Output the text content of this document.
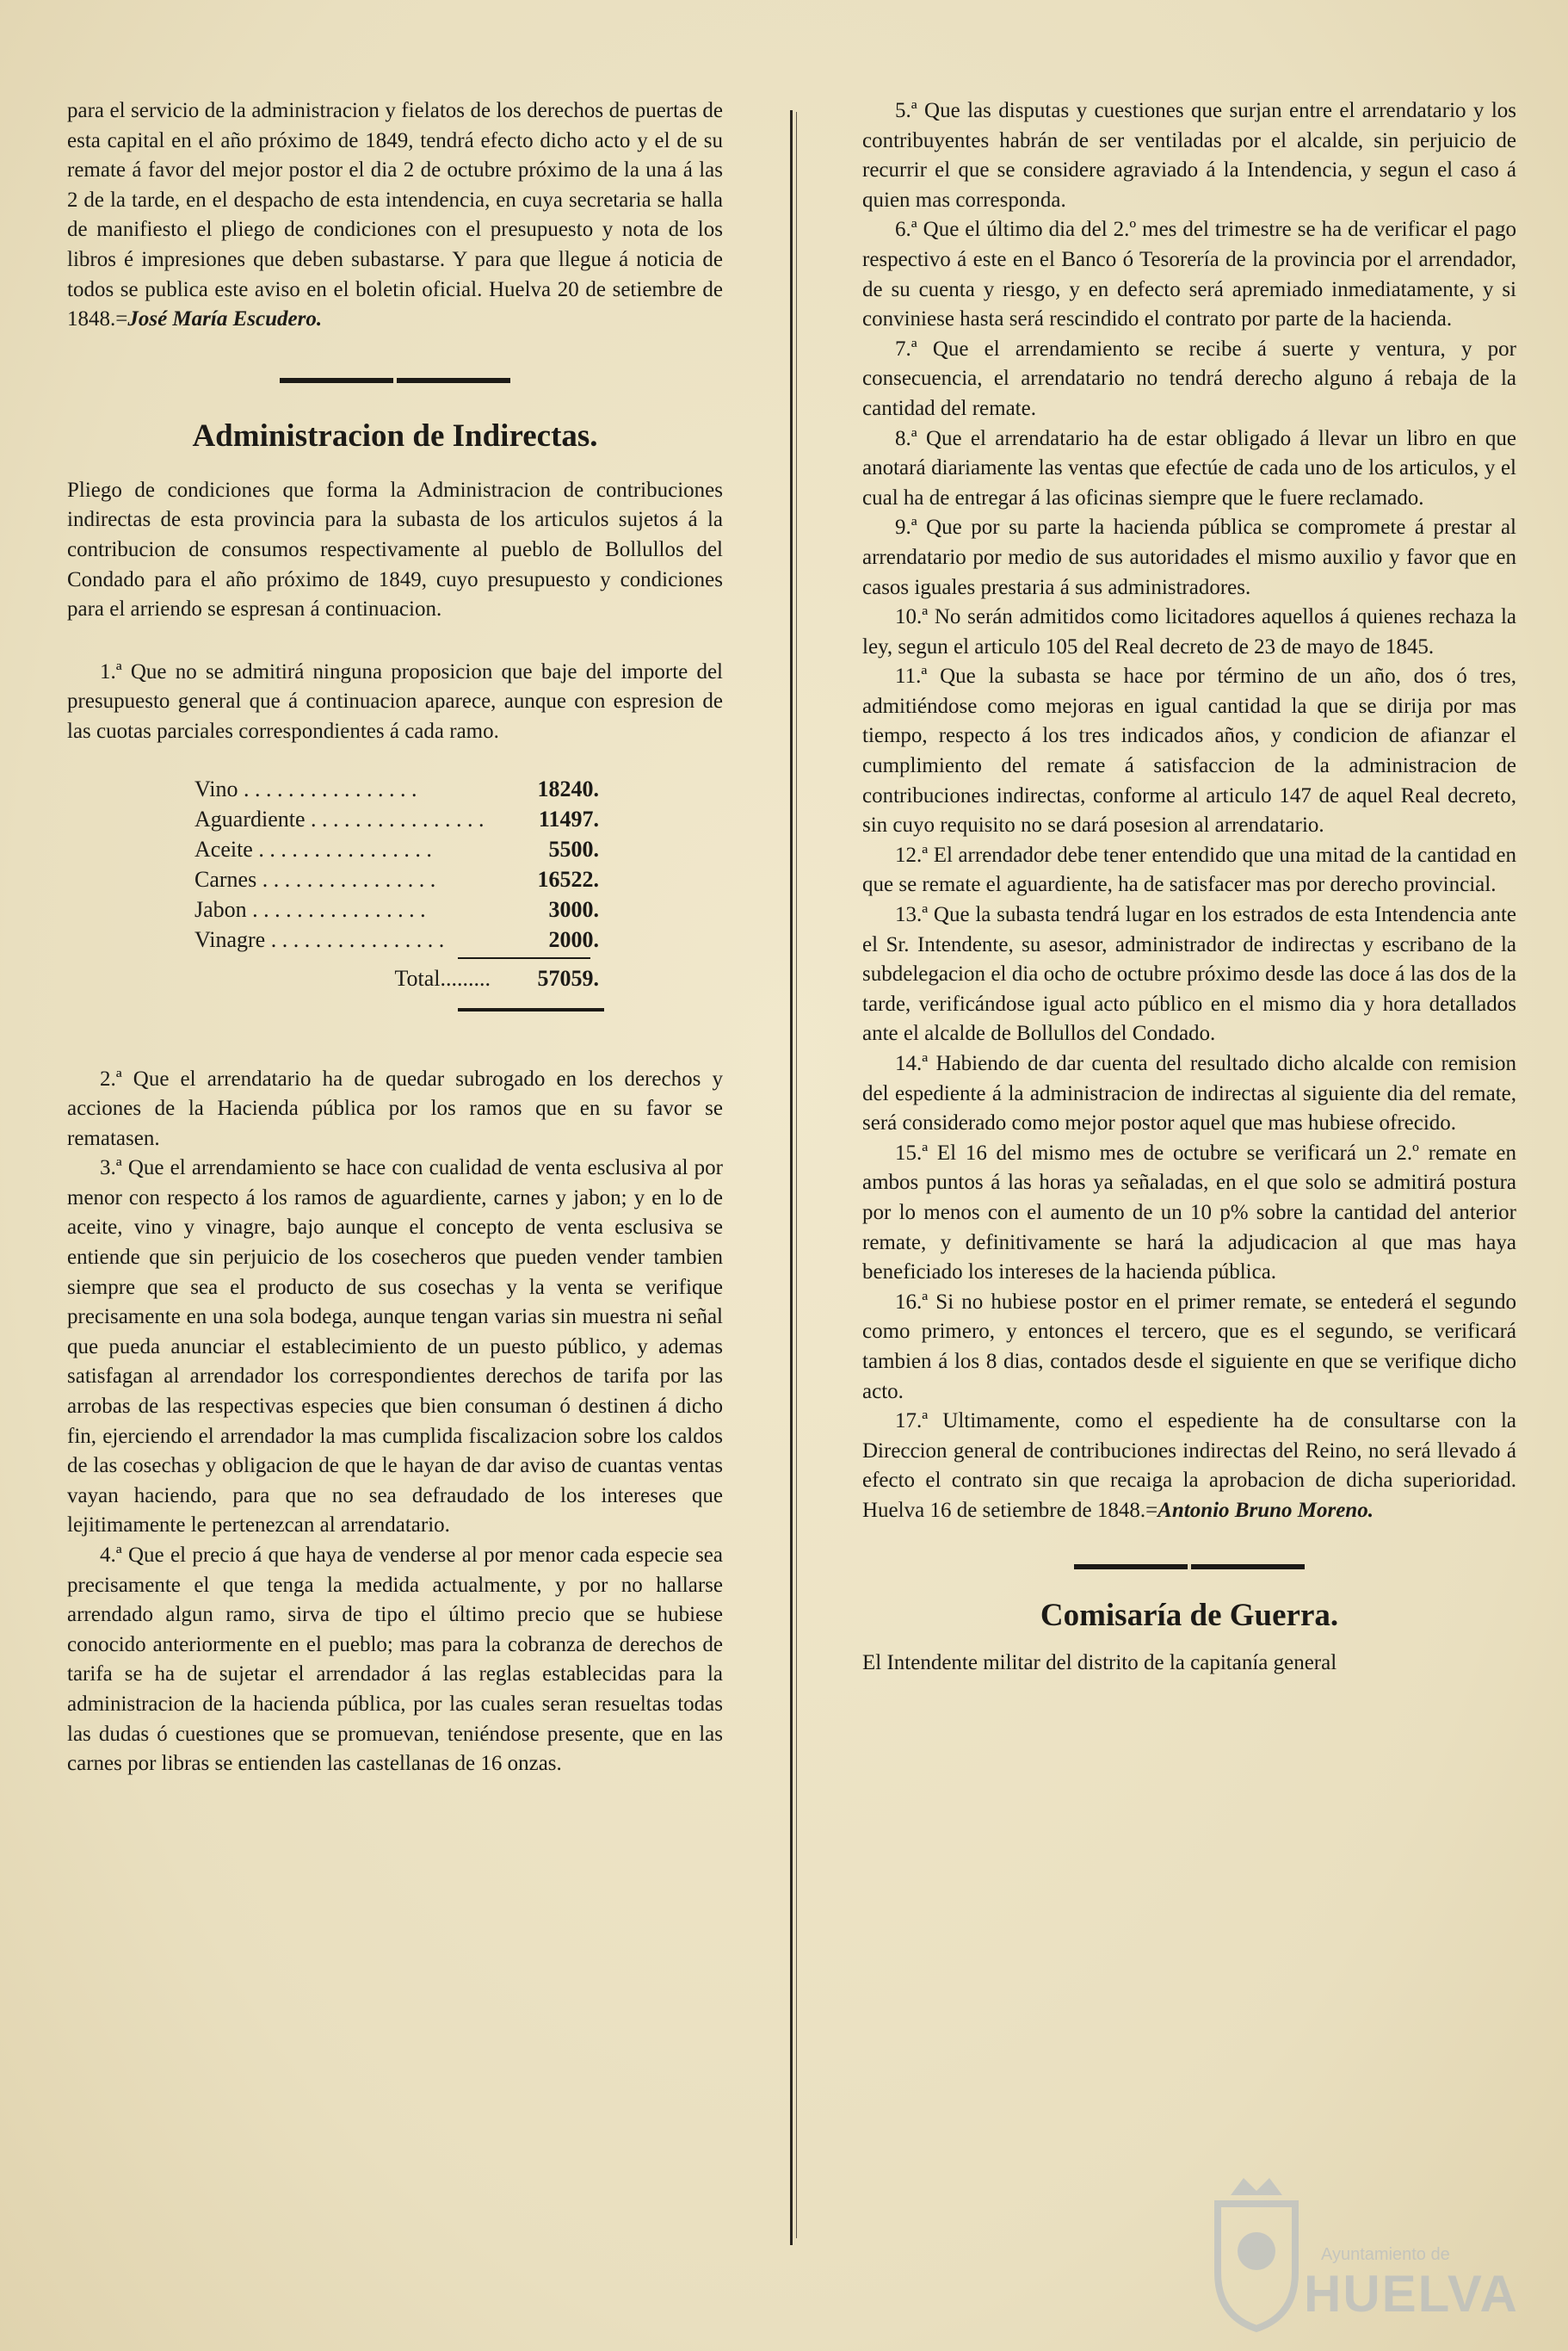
para el servicio de la administracion y fielatos de los derechos de puertas de esta capital en el año próximo de 1849, tendrá efecto dicho acto y el de su remate á favor del mejor postor el dia 2 de octubre próximo de la una á las 2 de la tarde, en el despacho de esta intendencia, en cuya secretaria se halla de manifiesto el pliego de condiciones con el presupuesto y nota de los libros é impresiones que deben subastarse. Y para que llegue á noticia de todos se publica este aviso en el boletin oficial. Huelva 20 de setiembre de 1848.=José María Escudero.

Administracion de Indirectas.

Pliego de condiciones que forma la Administracion de contribuciones indirectas de esta provincia para la subasta de los articulos sujetos á la contribucion de consumos respectivamente al pueblo de Bollullos del Condado para el año próximo de 1849, cuyo presupuesto y condiciones para el arriendo se espresan á continuacion.

1.ª Que no se admitirá ninguna proposicion que baje del importe del presupuesto general que á continuacion aparece, aunque con espresion de las cuotas parciales correspondientes á cada ramo.

Vino . . .	18240.
Aguardiente . . .	11497.
Aceite . . .	5500.
Carnes . . .	16522.
Jabon . . .	3000.
Vinagre . . .	2000.
Total.........	57059.

2.ª Que el arrendatario ha de quedar subrogado en los derechos y acciones de la Hacienda pública por los ramos que en su favor se rematasen.

3.ª Que el arrendamiento se hace con cualidad de venta esclusiva al por menor con respecto á los ramos de aguardiente, carnes y jabon; y en lo de aceite, vino y vinagre, bajo aunque el concepto de venta esclusiva se entiende que sin perjuicio de los cosecheros que pueden vender tambien siempre que sea el producto de sus cosechas y la venta se verifique precisamente en una sola bodega, aunque tengan varias sin muestra ni señal que pueda anunciar el establecimiento de un puesto público, y ademas satisfagan al arrendador los correspondientes derechos de tarifa por las arrobas de las respectivas especies que bien consuman ó destinen á dicho fin, ejerciendo el arrendador la mas cumplida fiscalizacion sobre los caldos de las cosechas y obligacion de que le hayan de dar aviso de cuantas ventas vayan haciendo, para que no sea defraudado de los intereses que lejitimamente le pertenezcan al arrendatario.

4.ª Que el precio á que haya de venderse al por menor cada especie sea precisamente el que tenga la medida actualmente, y por no hallarse arrendado algun ramo, sirva de tipo el último precio que se hubiese conocido anteriormente en el pueblo; mas para la cobranza de derechos de tarifa se ha de sujetar el arrendador á las reglas establecidas para la administracion de la hacienda pública, por las cuales seran resueltas todas las dudas ó cuestiones que se promuevan, teniéndose presente, que en las carnes por libras se entienden las castellanas de 16 onzas.

5.ª Que las disputas y cuestiones que surjan entre el arrendatario y los contribuyentes habrán de ser ventiladas por el alcalde, sin perjuicio de recurrir el que se considere agraviado á la Intendencia, y segun el caso á quien mas corresponda.

6.ª Que el último dia del 2.º mes del trimestre se ha de verificar el pago respectivo á este en el Banco ó Tesorería de la provincia por el arrendador, de su cuenta y riesgo, y en defecto será apremiado inmediatamente, y si conviniese hasta será rescindido el contrato por parte de la hacienda.

7.ª Que el arrendamiento se recibe á suerte y ventura, y por consecuencia, el arrendatario no tendrá derecho alguno á rebaja de la cantidad del remate.

8.ª Que el arrendatario ha de estar obligado á llevar un libro en que anotará diariamente las ventas que efectúe de cada uno de los articulos, y el cual ha de entregar á las oficinas siempre que le fuere reclamado.

9.ª Que por su parte la hacienda pública se compromete á prestar al arrendatario por medio de sus autoridades el mismo auxilio y favor que en casos iguales prestaria á sus administradores.

10.ª No serán admitidos como licitadores aquellos á quienes rechaza la ley, segun el articulo 105 del Real decreto de 23 de mayo de 1845.

11.ª Que la subasta se hace por término de un año, dos ó tres, admitiéndose como mejoras en igual cantidad la que se dirija por mas tiempo, respecto á los tres indicados años, y condicion de afianzar el cumplimiento del remate á satisfaccion de la administracion de contribuciones indirectas, conforme al articulo 147 de aquel Real decreto, sin cuyo requisito no se dará posesion al arrendatario.

12.ª El arrendador debe tener entendido que una mitad de la cantidad en que se remate el aguardiente, ha de satisfacer mas por derecho provincial.

13.ª Que la subasta tendrá lugar en los estrados de esta Intendencia ante el Sr. Intendente, su asesor, administrador de indirectas y escribano de la subdelegacion el dia ocho de octubre próximo desde las doce á las dos de la tarde, verificándose igual acto público en el mismo dia y hora detallados ante el alcalde de Bollullos del Condado.

14.ª Habiendo de dar cuenta del resultado dicho alcalde con remision del espediente á la administracion de indirectas al siguiente dia del remate, será considerado como mejor postor aquel que mas hubiese ofrecido.

15.ª El 16 del mismo mes de octubre se verificará un 2.º remate en ambos puntos á las horas ya señaladas, en el que solo se admitirá postura por lo menos con el aumento de un 10 p% sobre la cantidad del anterior remate, y definitivamente se hará la adjudicacion al que mas haya beneficiado los intereses de la hacienda pública.

16.ª Si no hubiese postor en el primer remate, se entederá el segundo como primero, y entonces el tercero, que es el segundo, se verificará tambien á los 8 dias, contados desde el siguiente en que se verifique dicho acto.

17.ª Ultimamente, como el espediente ha de consultarse con la Direccion general de contribuciones indirectas del Reino, no será llevado á efecto el contrato sin que recaiga la aprobacion de dicha superioridad. Huelva 16 de setiembre de 1848.=Antonio Bruno Moreno.

Comisaría de Guerra.

El Intendente militar del distrito de la capitanía general

Ayuntamiento de
HUELVA
